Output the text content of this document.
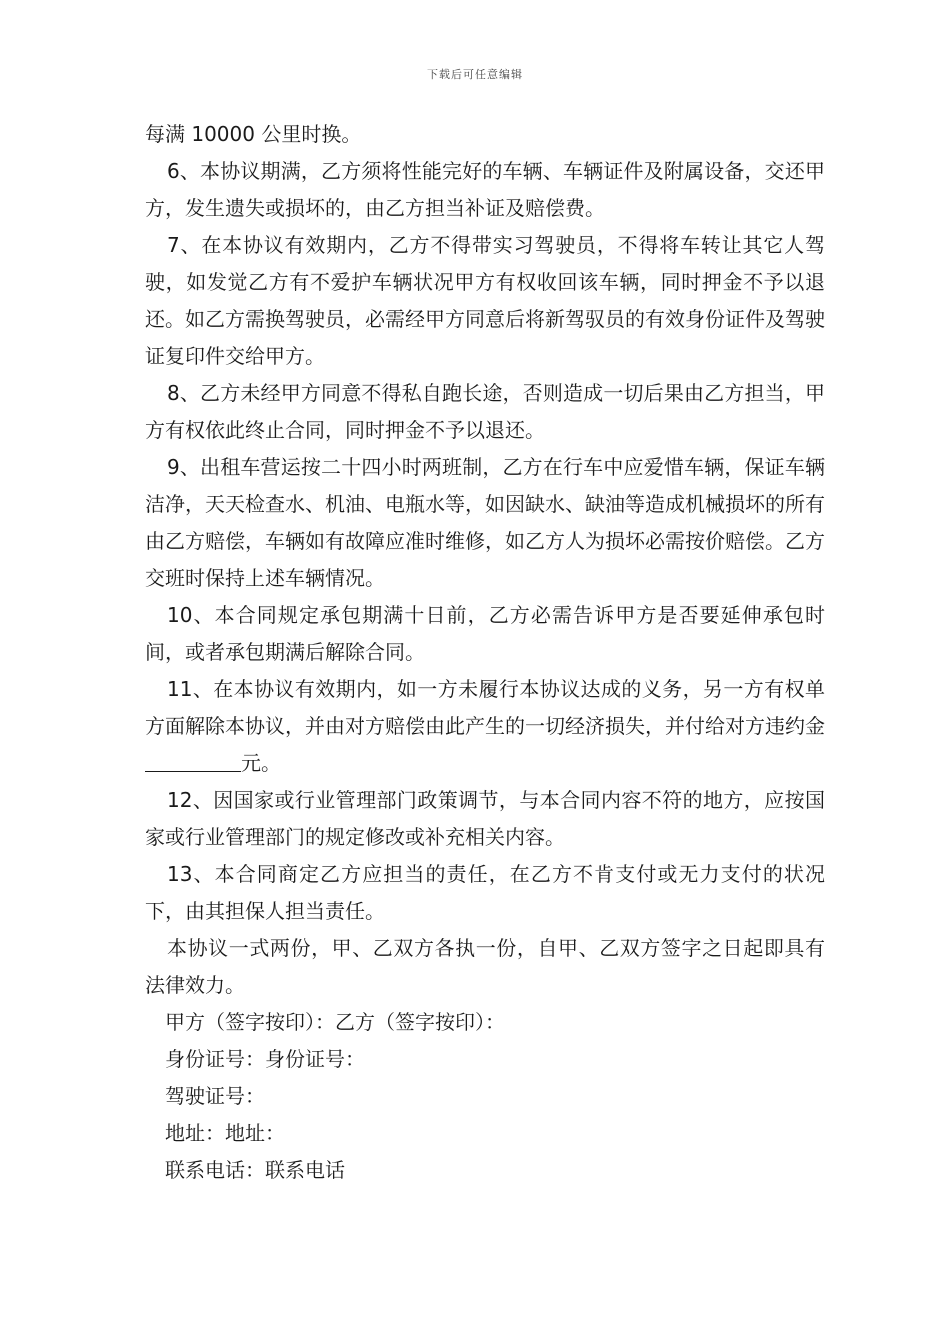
下载后可任意编辑

每满 10000 公里时换。

6、本协议期满，乙方须将性能完好的车辆、车辆证件及附属设备，交还甲方，发生遗失或损坏的，由乙方担当补证及赔偿费。

7、在本协议有效期内，乙方不得带实习驾驶员，不得将车转让其它人驾驶，如发觉乙方有不爱护车辆状况甲方有权收回该车辆，同时押金不予以退还。如乙方需换驾驶员，必需经甲方同意后将新驾驭员的有效身份证件及驾驶证复印件交给甲方。

8、乙方未经甲方同意不得私自跑长途，否则造成一切后果由乙方担当，甲方有权依此终止合同，同时押金不予以退还。

9、出租车营运按二十四小时两班制，乙方在行车中应爱惜车辆，保证车辆洁净，天天检查水、机油、电瓶水等，如因缺水、缺油等造成机械损坏的所有由乙方赔偿，车辆如有故障应准时维修，如乙方人为损坏必需按价赔偿。乙方交班时保持上述车辆情况。

10、本合同规定承包期满十日前，乙方必需告诉甲方是否要延伸承包时间，或者承包期满后解除合同。

11、在本协议有效期内，如一方未履行本协议达成的义务，另一方有权单方面解除本协议，并由对方赔偿由此产生的一切经济损失，并付给对方违约金元。

12、因国家或行业管理部门政策调节，与本合同内容不符的地方，应按国家或行业管理部门的规定修改或补充相关内容。

13、本合同商定乙方应担当的责任，在乙方不肯支付或无力支付的状况下，由其担保人担当责任。

本协议一式两份，甲、乙双方各执一份，自甲、乙双方签字之日起即具有法律效力。

甲方（签字按印）：乙方（签字按印）：

身份证号：身份证号：

驾驶证号：

地址：地址：

联系电话：联系电话
